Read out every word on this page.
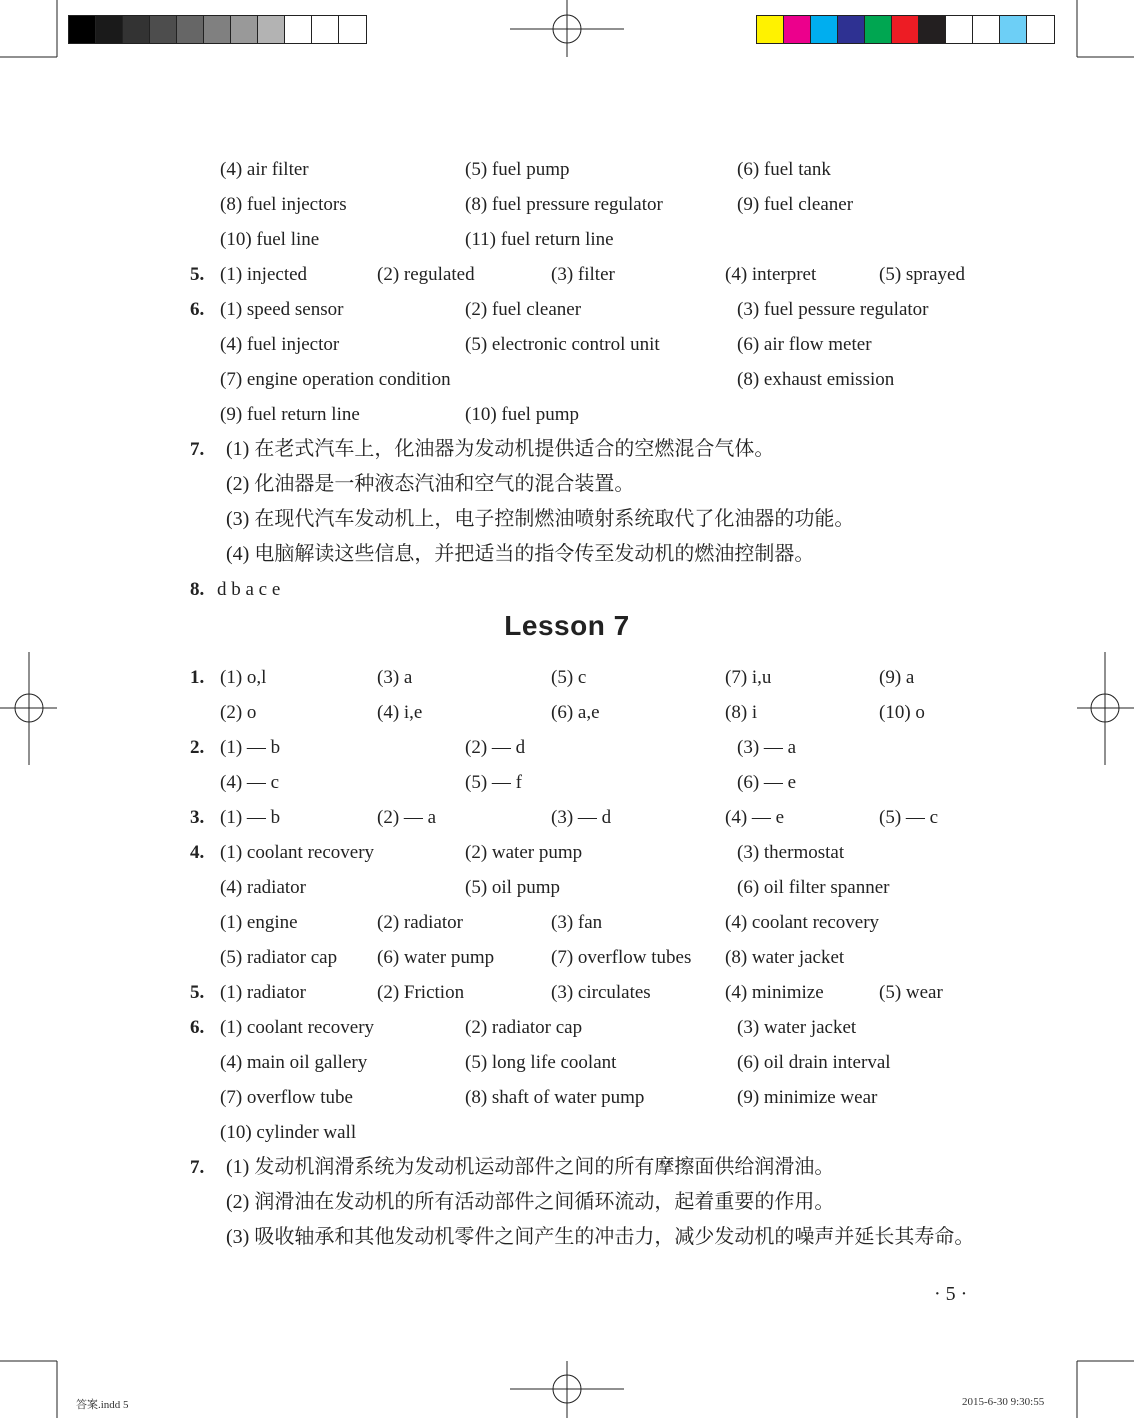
(4) air filter	(5) fuel pump	(6) fuel tank
(8) fuel injectors	(8) fuel pressure regulator	(9) fuel cleaner
(10) fuel line	(11) fuel return line
5. (1) injected	(2) regulated	(3) filter	(4) interpret	(5) sprayed
6. (1) speed sensor	(2) fuel cleaner	(3) fuel pessure regulator
(4) fuel injector	(5) electronic control unit	(6) air flow meter
(7) engine operation condition	(8) exhaust emission
(9) fuel return line	(10) fuel pump
7. (1) 在老式汽车上，化油器为发动机提供适合的空燃混合气体。
(2) 化油器是一种液态汽油和空气的混合装置。
(3) 在现代汽车发动机上，电子控制燃油喷射系统取代了化油器的功能。
(4) 电脑解读这些信息，并把适当的指令传至发动机的燃油控制器。
8. d b a c e
Lesson 7
1. (1) o,l	(3) a	(5) c	(7) i,u	(9) a
(2) o	(4) i,e	(6) a,e	(8) i	(10) o
2. (1) — b	(2) — d	(3) — a
(4) — c	(5) — f	(6) — e
3. (1) — b	(2) — a	(3) — d	(4) — e	(5) — c
4. (1) coolant recovery	(2) water pump	(3) thermostat
(4) radiator	(5) oil pump	(6) oil filter spanner
(1) engine	(2) radiator	(3) fan	(4) coolant recovery
(5) radiator cap (6) water pump	(7) overflow tubes (8) water jacket
5. (1) radiator	(2) Friction	(3) circulates	(4) minimize	(5) wear
6. (1) coolant recovery	(2) radiator cap	(3) water jacket
(4) main oil gallery	(5) long life coolant	(6) oil drain interval
(7) overflow tube	(8) shaft of water pump	(9) minimize wear
(10) cylinder wall
7. (1) 发动机润滑系统为发动机运动部件之间的所有摩擦面供给润滑油。
(2) 润滑油在发动机的所有活动部件之间循环流动，起着重要的作用。
(3) 吸收轴承和其他发动机零件之间产生的冲击力，减少发动机的噪声并延长其寿命。
· 5 ·
答案.indd 5	2015-6-30 9:30:55
